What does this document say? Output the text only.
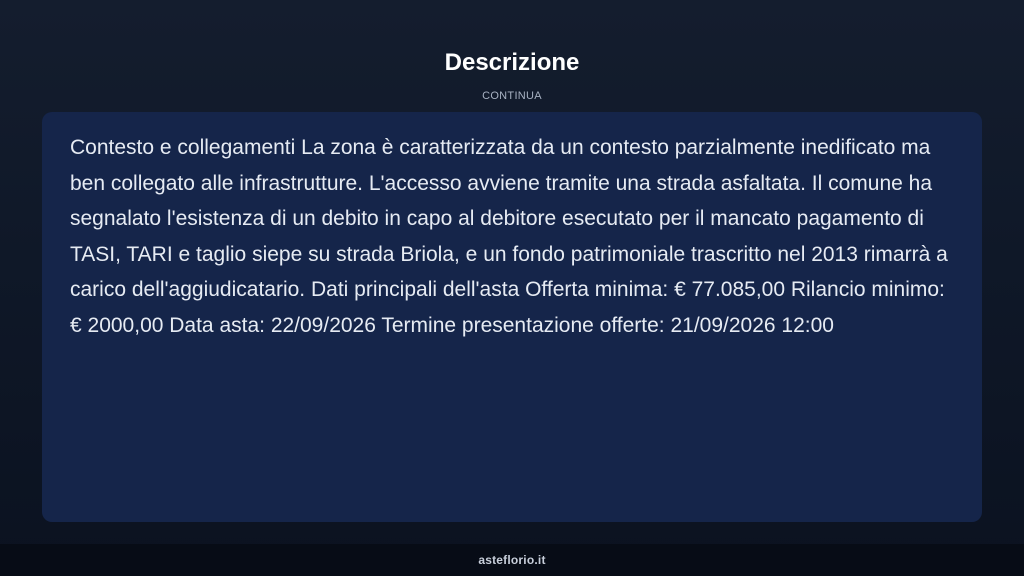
Descrizione
CONTINUA

Contesto e collegamenti La zona è caratterizzata da un contesto parzialmente inedificato ma ben collegato alle infrastrutture. L'accesso avviene tramite una strada asfaltata. Il comune ha segnalato l'esistenza di un debito in capo al debitore esecutato per il mancato pagamento di TASI, TARI e taglio siepe su strada Briola, e un fondo patrimoniale trascritto nel 2013 rimarrà a carico dell'aggiudicatario. Dati principali dell'asta Offerta minima: € 77.085,00 Rilancio minimo: € 2000,00 Data asta: 22/09/2026 Termine presentazione offerte: 21/09/2026 12:00

asteflorio.it
